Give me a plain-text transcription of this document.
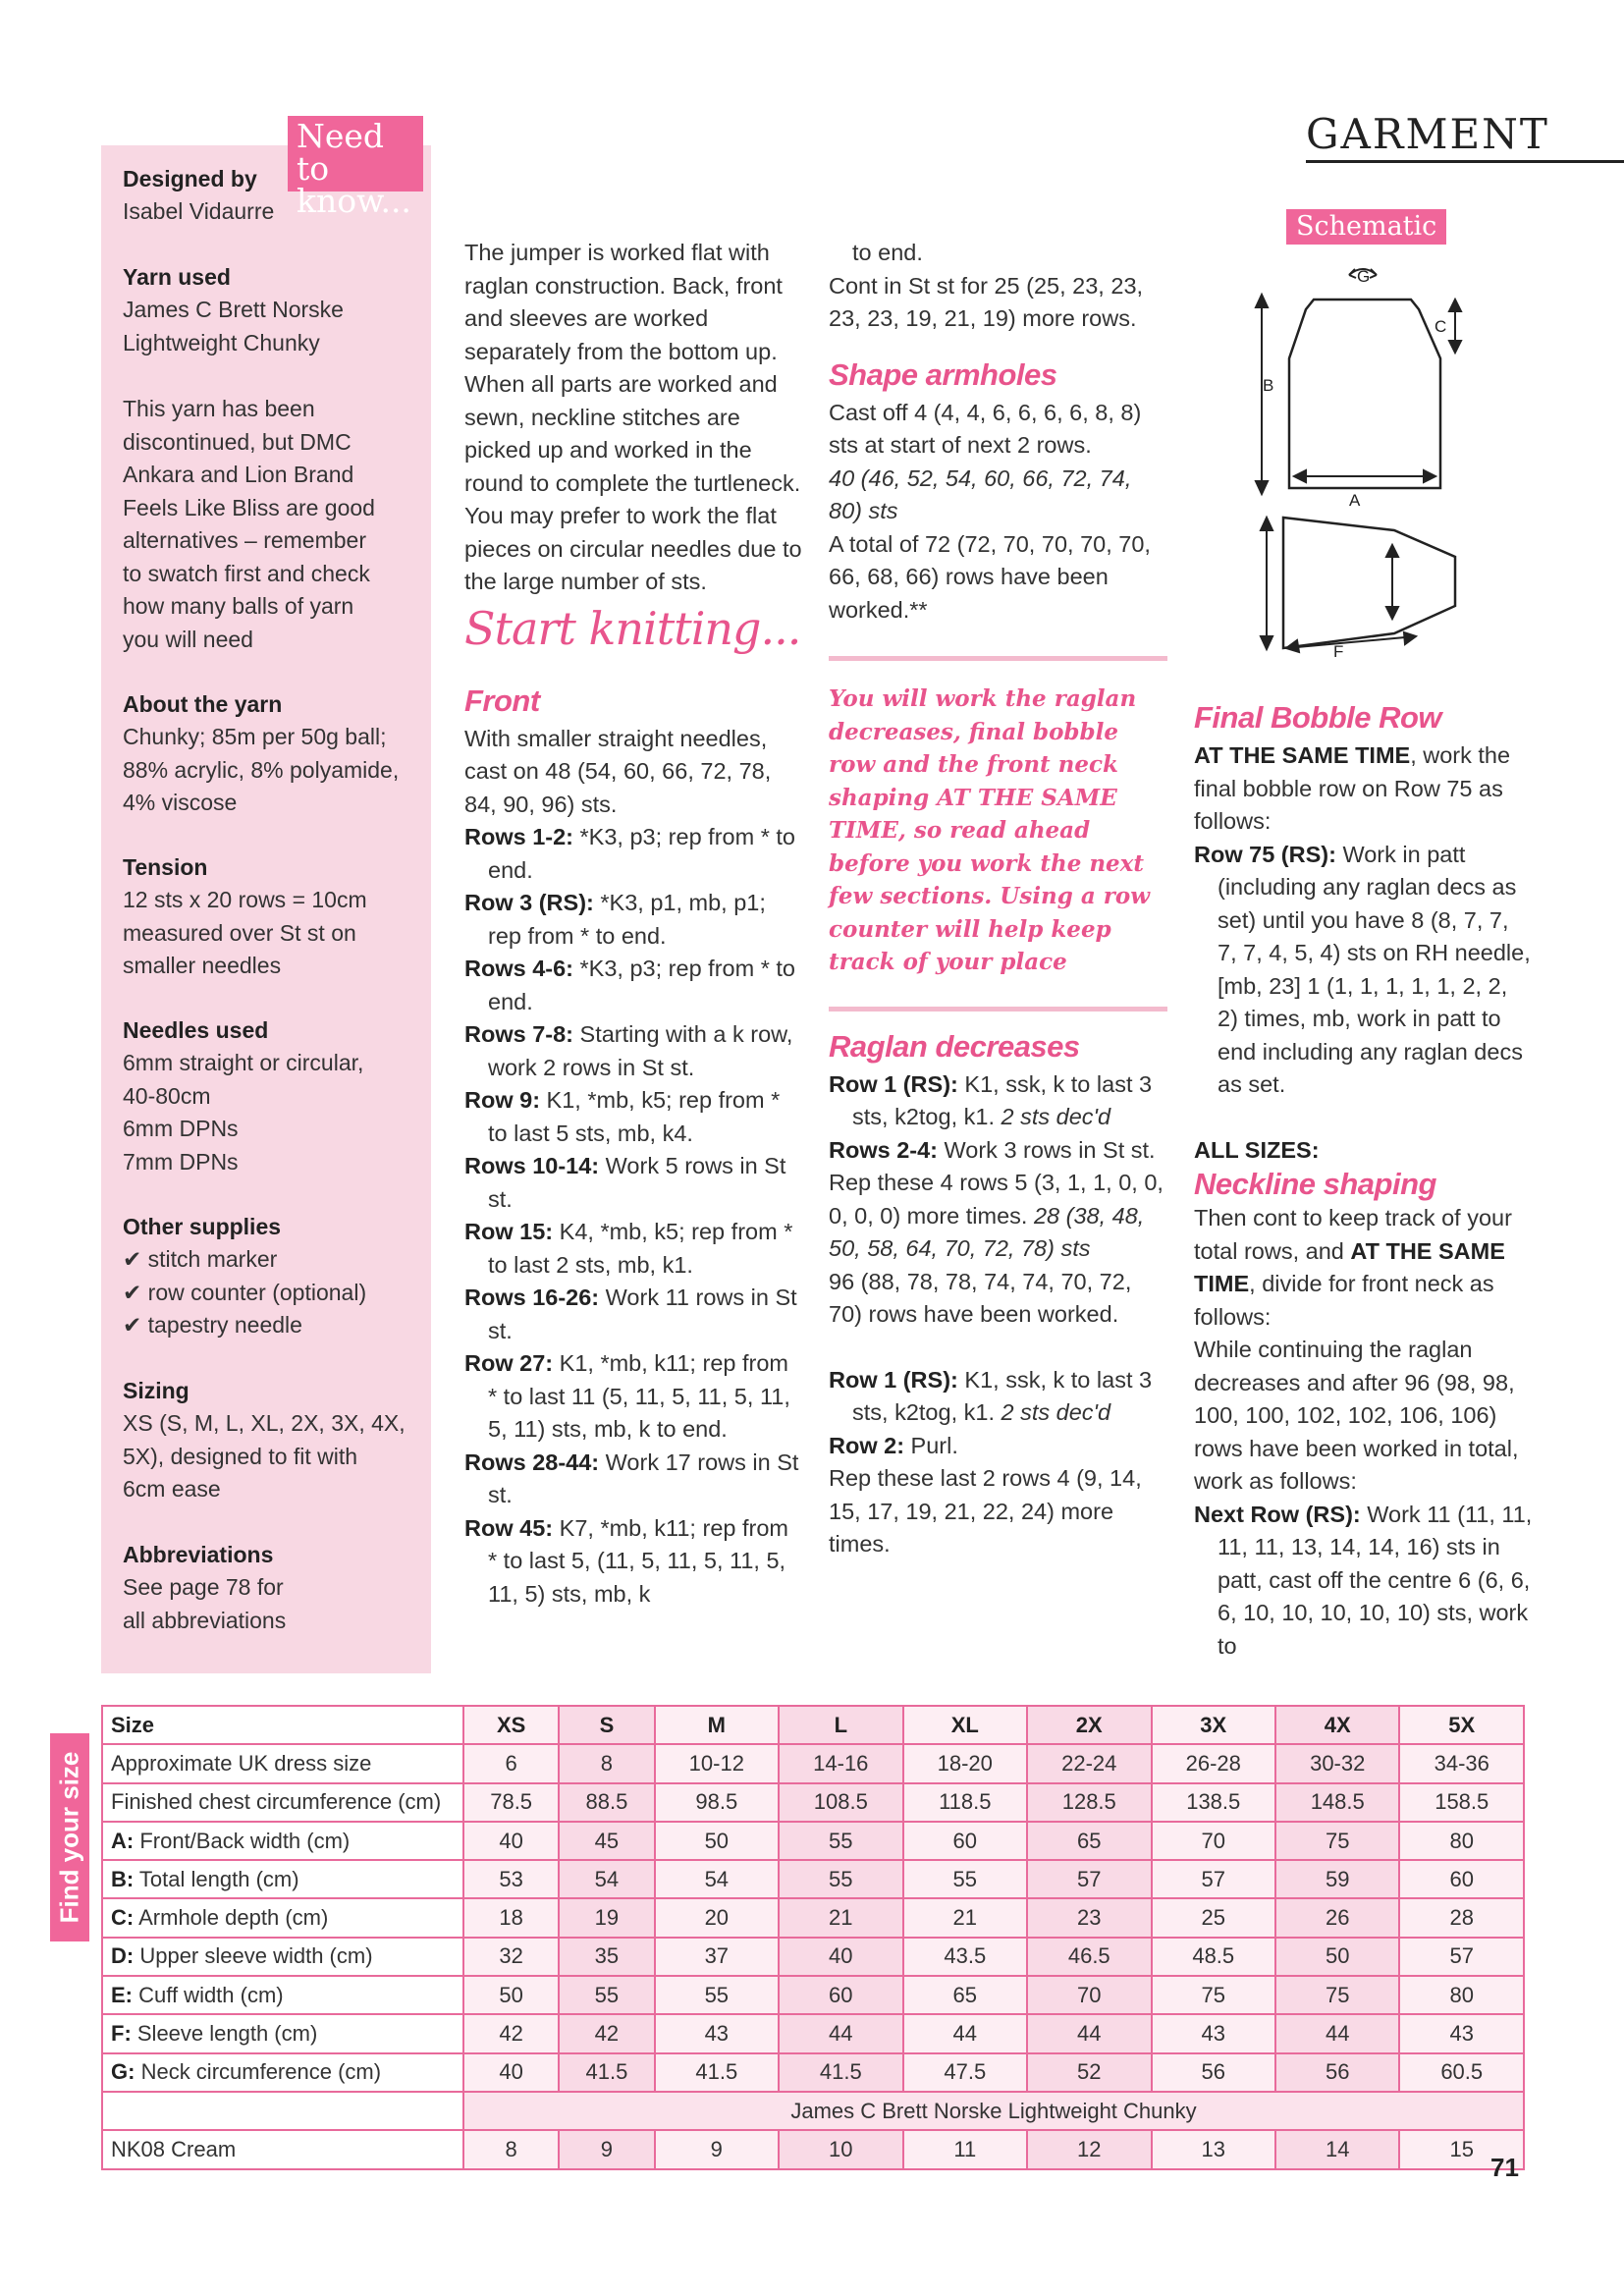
GARMENT
Need to know...
Designed by
Isabel Vidaurre
Yarn used
James C Brett Norske
Lightweight Chunky
This yarn has been
discontinued, but DMC
Ankara and Lion Brand
Feels Like Bliss are good
alternatives – remember
to swatch first and check
how many balls of yarn
you will need
About the yarn
Chunky; 85m per 50g ball;
88% acrylic, 8% polyamide,
4% viscose
Tension
12 sts x 20 rows = 10cm
measured over St st on
smaller needles
Needles used
6mm straight or circular,
40-80cm
6mm DPNs
7mm DPNs
Other supplies
✔ stitch marker
✔ row counter (optional)
✔ tapestry needle
Sizing
XS (S, M, L, XL, 2X, 3X, 4X,
5X), designed to fit with
6cm ease
Abbreviations
See page 78 for
all abbreviations

The jumper is worked flat with raglan construction. Back, front and sleeves are worked separately from the bottom up. When all parts are worked and sewn, neckline stitches are picked up and worked in the round to complete the turtleneck. You may prefer to work the flat pieces on circular needles due to the large number of sts.

Start knitting...
Front

With smaller straight needles, cast on 48 (54, 60, 66, 72, 78, 84, 90, 96) sts.

Rows 1-2: *K3, p3; rep from * to end.

Row 3 (RS): *K3, p1, mb, p1; rep from * to end.

Rows 4-6: *K3, p3; rep from * to end.

Rows 7-8: Starting with a k row, work 2 rows in St st.

Row 9: K1, *mb, k5; rep from * to last 5 sts, mb, k4.

Rows 10-14: Work 5 rows in St st.

Row 15: K4, *mb, k5; rep from * to last 2 sts, mb, k1.

Rows 16-26: Work 11 rows in St st.

Row 27: K1, *mb, k11; rep from * to last 11 (5, 11, 5, 11, 5, 11, 5, 11) sts, mb, k to end.

Rows 28-44: Work 17 rows in St st.

Row 45: K7, *mb, k11; rep from * to last 5, (11, 5, 11, 5, 11, 5, 11, 5) sts, mb, k

to end.

Cont in St st for 25 (25, 23, 23, 23, 23, 19, 21, 19) more rows.

Shape armholes

Cast off 4 (4, 4, 6, 6, 6, 6, 8, 8) sts at start of next 2 rows.

40 (46, 52, 54, 60, 66, 72, 74, 80) sts

A total of 72 (72, 70, 70, 70, 70, 66, 68, 66) rows have been worked.**

You will work the raglan decreases, final bobble row and the front neck shaping AT THE SAME TIME, so read ahead before you work the next few sections. Using a row counter will help keep track of your place

Raglan decreases

Row 1 (RS): K1, ssk, k to last 3 sts, k2tog, k1. 2 sts dec'd

Rows 2-4: Work 3 rows in St st.

Rep these 4 rows 5 (3, 1, 1, 0, 0, 0, 0, 0) more times. 28 (38, 48, 50, 58, 64, 70, 72, 78) sts

96 (88, 78, 78, 74, 74, 70, 72, 70) rows have been worked.

Row 1 (RS): K1, ssk, k to last 3 sts, k2tog, k1. 2 sts dec'd

Row 2: Purl.

Rep these last 2 rows 4 (9, 14, 15, 17, 19, 21, 22, 24) more times.

Schematic
G
C
B
A
F
Final Bobble Row

AT THE SAME TIME, work the final bobble row on Row 75 as follows:

Row 75 (RS): Work in patt (including any raglan decs as set) until you have 8 (8, 7, 7, 7, 7, 4, 5, 4) sts on RH needle, [mb, 23] 1 (1, 1, 1, 1, 1, 2, 2, 2) times, mb, work in patt to end including any raglan decs as set.

ALL SIZES:

Neckline shaping

Then cont to keep track of your total rows, and AT THE SAME TIME, divide for front neck as follows:

While continuing the raglan decreases and after 96 (98, 98, 100, 100, 102, 102, 106, 106) rows have been worked in total, work as follows:

Next Row (RS): Work 11 (11, 11, 11, 11, 13, 14, 14, 16) sts in patt, cast off the centre 6 (6, 6, 6, 10, 10, 10, 10, 10) sts, work to

Find your size
Size	XS	S	M	L	XL	2X	3X	4X	5X
Approximate UK dress size	6	8	10-12	14-16	18-20	22-24	26-28	30-32	34-36
Finished chest circumference (cm)	78.5	88.5	98.5	108.5	118.5	128.5	138.5	148.5	158.5
A: Front/Back width (cm)	40	45	50	55	60	65	70	75	80
B: Total length (cm)	53	54	54	55	55	57	57	59	60
C: Armhole depth (cm)	18	19	20	21	21	23	25	26	28
D: Upper sleeve width (cm)	32	35	37	40	43.5	46.5	48.5	50	57
E: Cuff width (cm)	50	55	55	60	65	70	75	75	80
F: Sleeve length (cm)	42	42	43	44	44	44	43	44	43
G: Neck circumference (cm)	40	41.5	41.5	41.5	47.5	52	56	56	60.5
	James C Brett Norske Lightweight Chunky								
NK08 Cream	8	9	9	10	11	12	13	14	15
71
